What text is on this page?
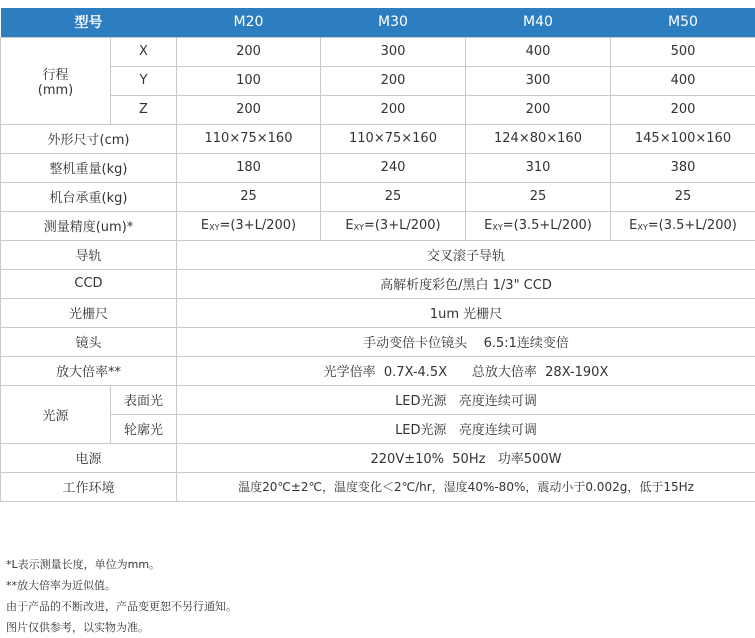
型号		M20	M30	M40	M50

行程
(mm)	X	200	300	400	500
	Y	100	200	300	400
	Z	200	200	200	200
外形尺寸(cm)		110×75×160	110×75×160	124×80×160	145×100×160
整机重量(kg)		180	240	310	380
机台承重(kg)		25	25	25	25
测量精度(um)*		EXY=(3+L/200)	EXY=(3+L/200)	EXY=(3.5+L/200)	EXY=(3.5+L/200)
导轨		交叉滚子导轨			
CCD		高解析度彩色/黑白 1/3" CCD			
光栅尺		1um 光栅尺			
镜头		手动变倍卡位镜头    6.5:1连续变倍			
放大倍率**		光学倍率  0.7X-4.5X      总放大倍率  28X-190X			
光源	表面光	LED光源   亮度连续可调			
	轮廓光	LED光源   亮度连续可调			
电源		220V±10%  50Hz   功率500W			
工作环境		温度20℃±2℃，温度变化＜2℃/hr，湿度40%-80%，震动小于0.002g，低于15Hz			
*L表示测量长度，单位为mm。
**放大倍率为近似值。
由于产品的不断改进，产品变更恕不另行通知。
图片仅供参考，以实物为准。
